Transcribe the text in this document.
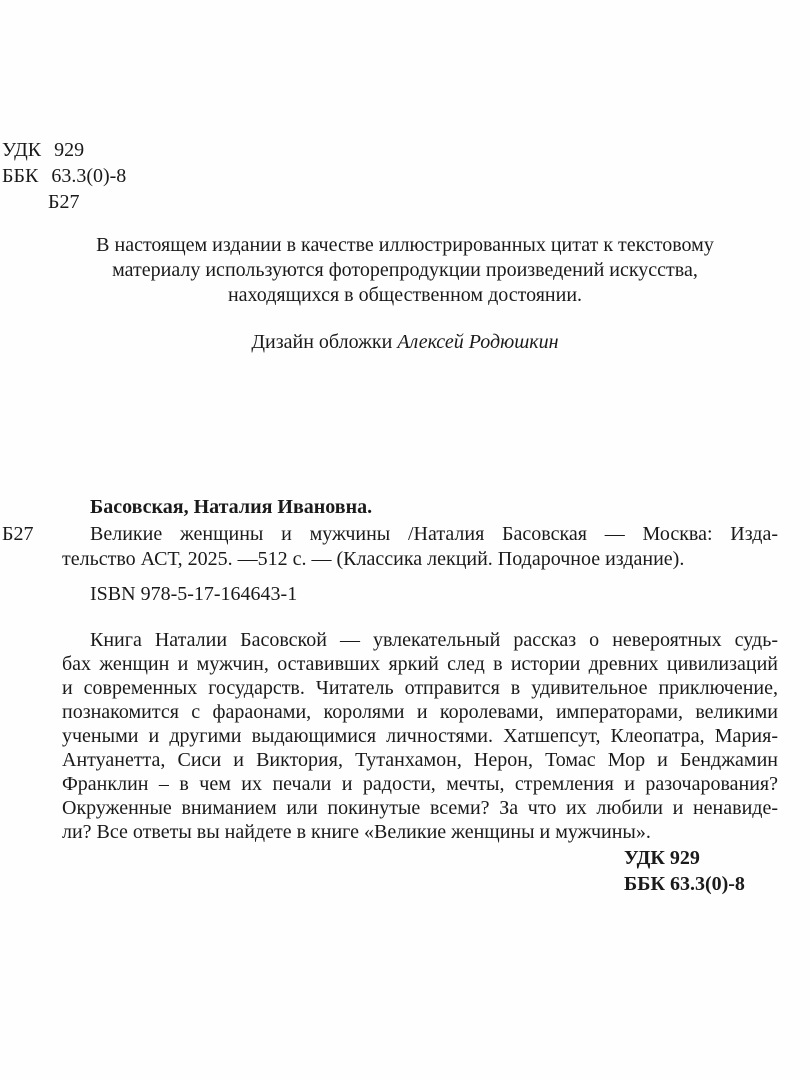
УДК 929
ББК 63.3(0)-8
Б27
В настоящем издании в качестве иллюстрированных цитат к текстовому
материалу используются фоторепродукции произведений искусства,
находящихся в общественном достоянии.
Дизайн обложки Алексей Родюшкин
Басовская, Наталия Ивановна.
Б27	Великие женщины и мужчины /Наталия Басовская — Москва: Изда-
тельство АСТ, 2025. —512 с. — (Классика лекций. Подарочное издание).
ISBN 978-5-17-164643-1
Книга Наталии Басовской — увлекательный рассказ о невероятных судь-
бах женщин и мужчин, оставивших яркий след в истории древних цивилизаций
и современных государств. Читатель отправится в удивительное приключение,
познакомится с фараонами, королями и королевами, императорами, великими
учеными и другими выдающимися личностями. Хатшепсут, Клеопатра, Мария-
Антуанетта, Сиси и Виктория, Тутанхамон, Нерон, Томас Мор и Бенджамин
Франклин – в чем их печали и радости, мечты, стремления и разочарования?
Окруженные вниманием или покинутые всеми? За что их любили и ненавиде-
ли? Все ответы вы найдете в книге «Великие женщины и мужчины».
УДК 929
ББК 63.3(0)-8
